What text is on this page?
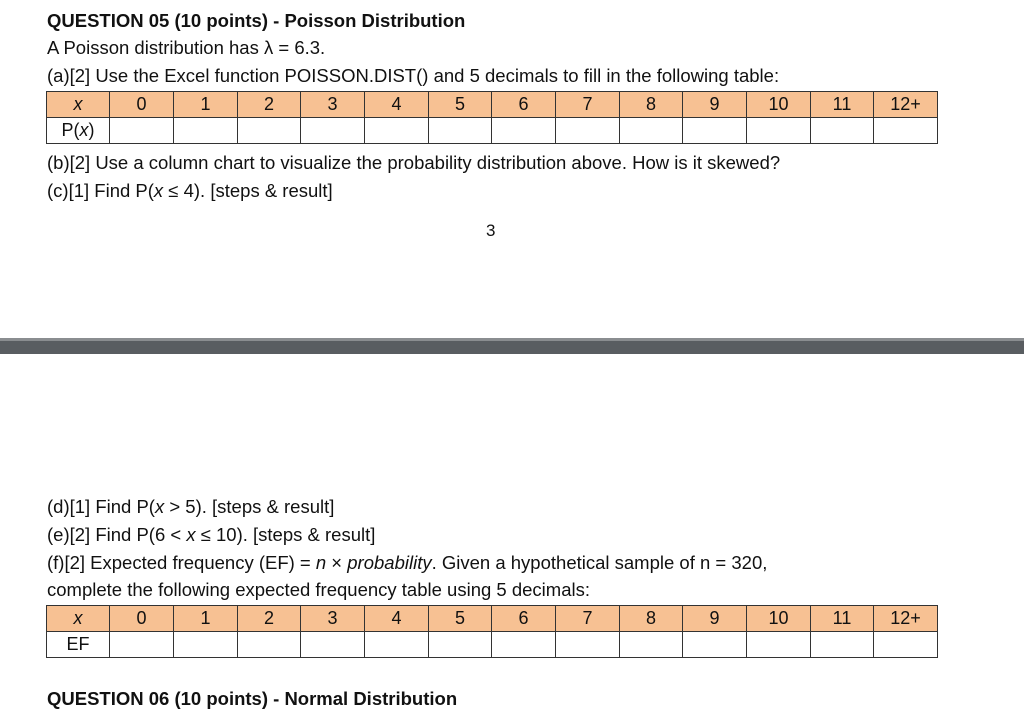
QUESTION 05 (10 points) - Poisson Distribution
A Poisson distribution has λ = 6.3.
(a)[2] Use the Excel function POISSON.DIST() and 5 decimals to fill in the following table:
x	0	1	2	3	4	5	6	7	8	9	10	11	12+
P(x)													
(b)[2] Use a column chart to visualize the probability distribution above. How is it skewed?
(c)[1] Find P(x ≤ 4). [steps & result]
3
(d)[1] Find P(x > 5). [steps & result]
(e)[2] Find P(6 < x ≤ 10). [steps & result]
(f)[2] Expected frequency (EF) = n × probability. Given a hypothetical sample of n = 320,
complete the following expected frequency table using 5 decimals:
x	0	1	2	3	4	5	6	7	8	9	10	11	12+
EF													
QUESTION 06 (10 points) - Normal Distribution
